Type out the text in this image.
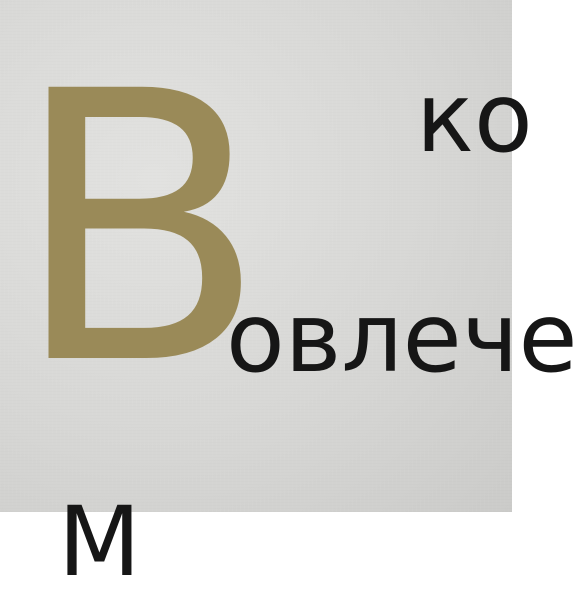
В ко
овлече
М
